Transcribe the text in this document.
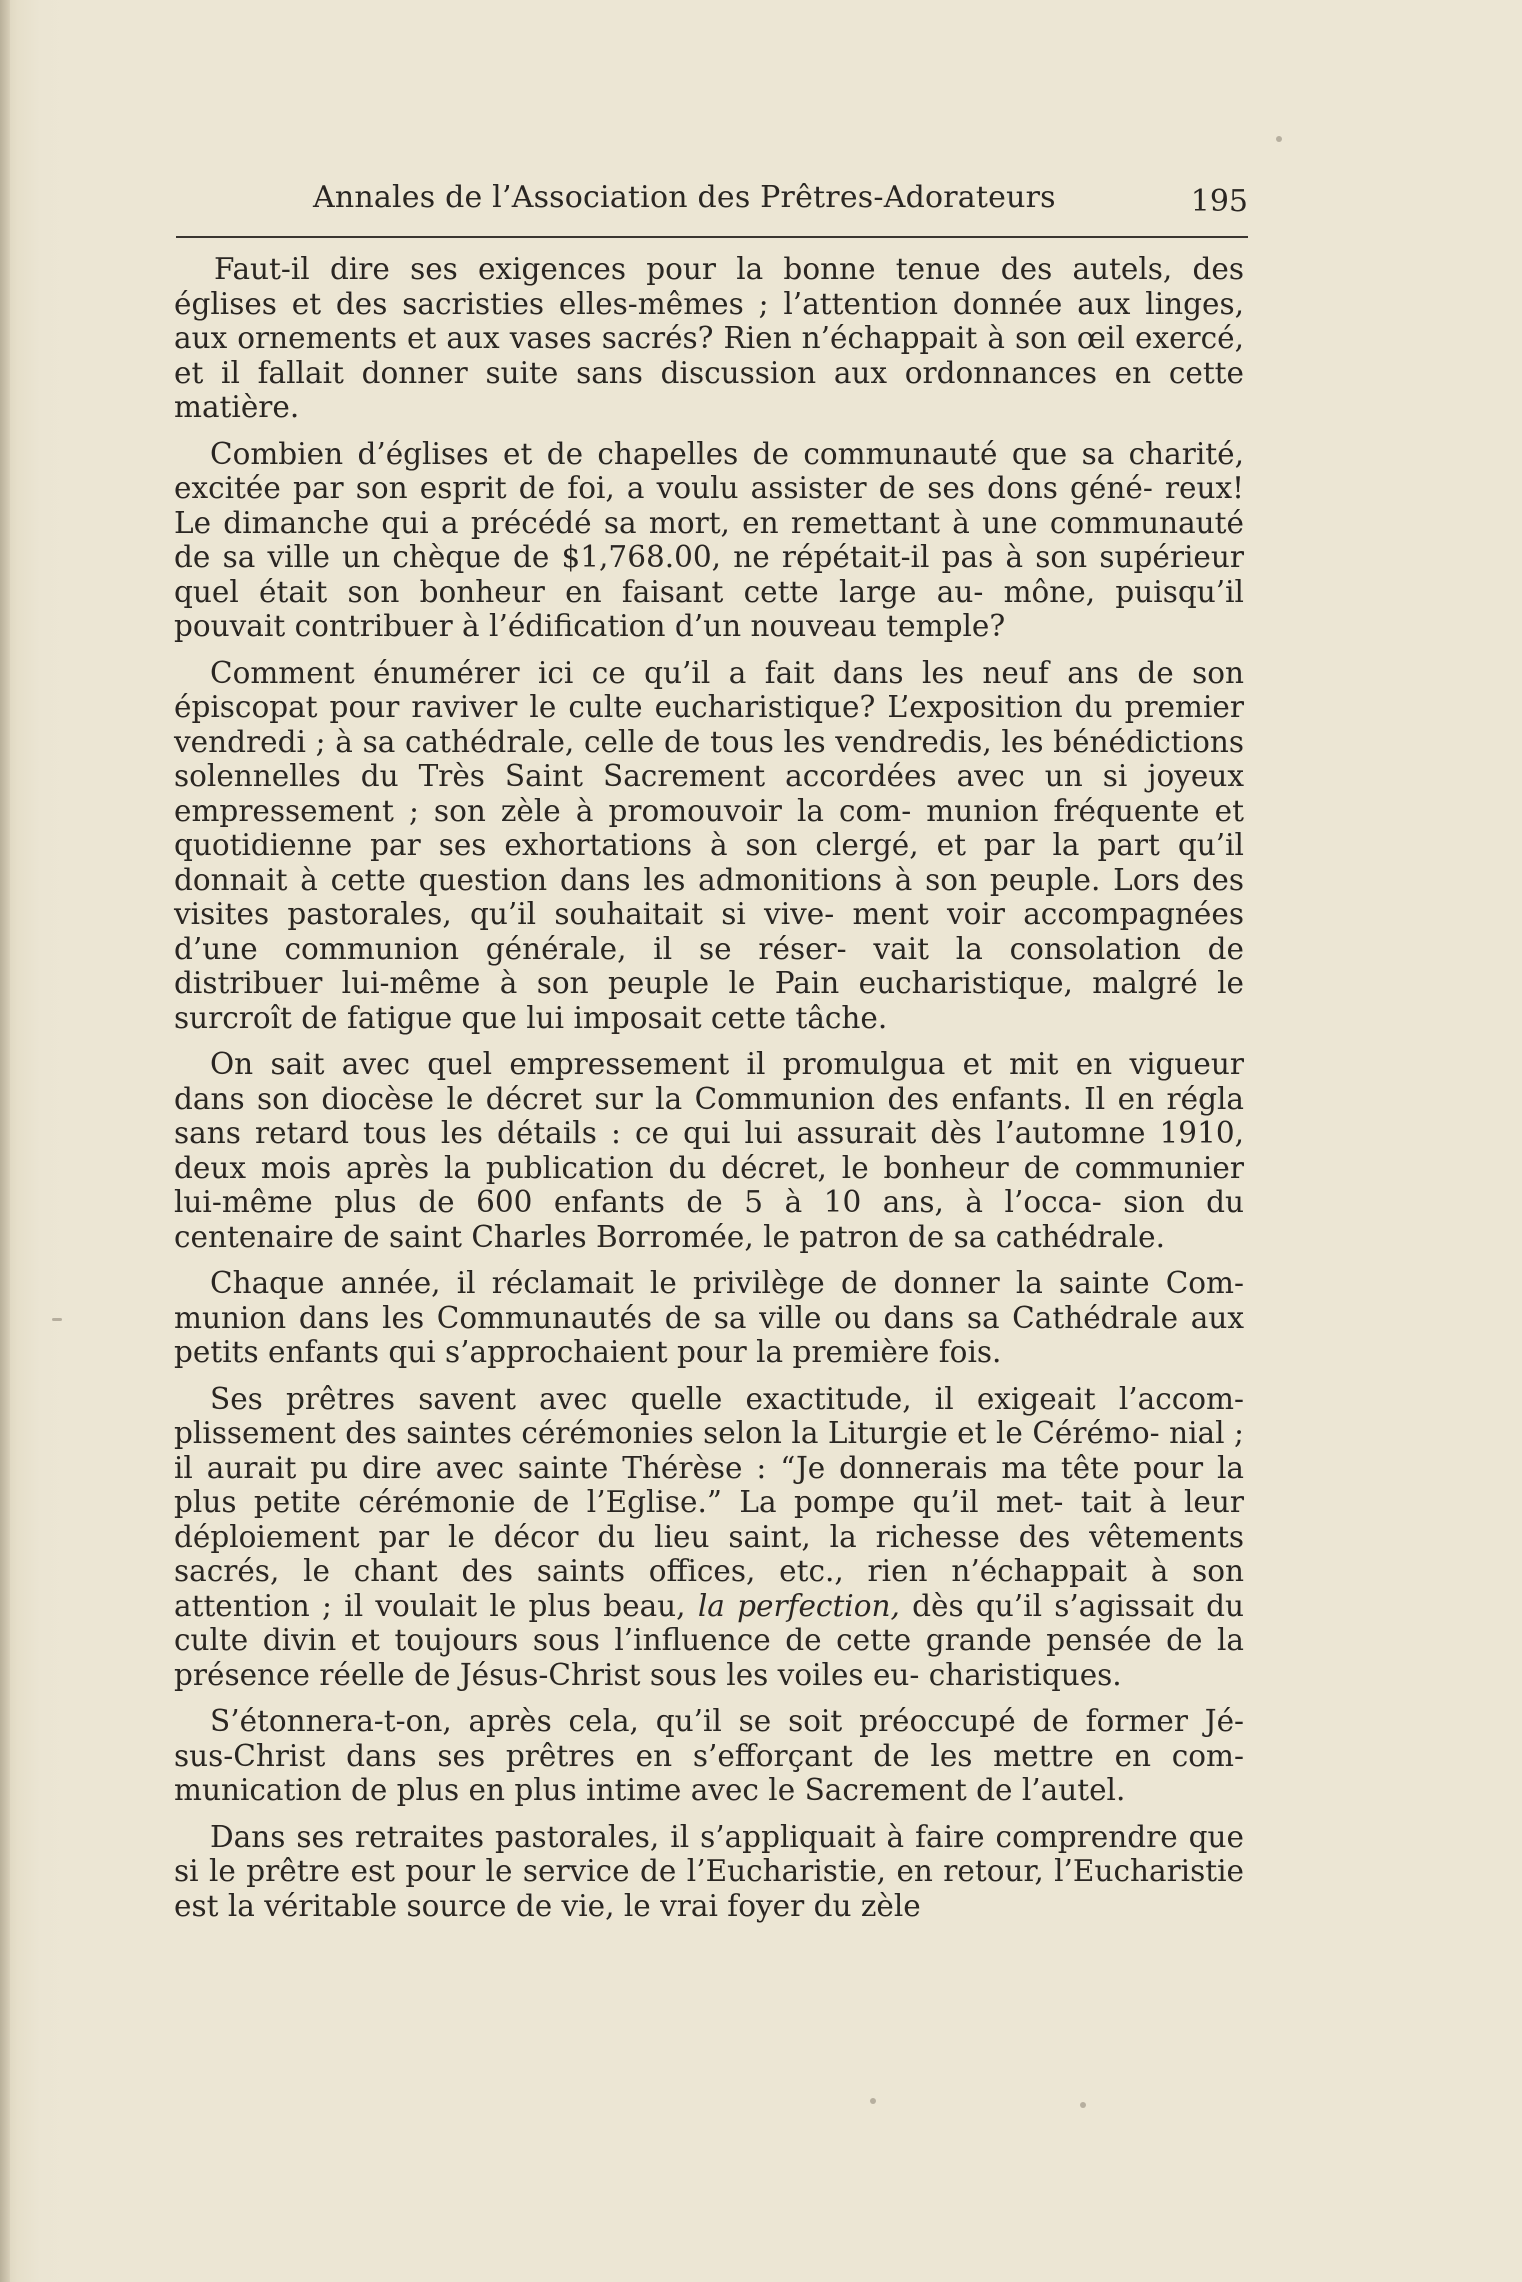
Annales de l’Association des Prêtres-Adorateurs	195

Faut-il dire ses exigences pour la bonne tenue des autels, des églises et des sacristies elles-mêmes ; l’attention donnée aux linges, aux ornements et aux vases sacrés? Rien n’échappait à son œil exercé, et il fallait donner suite sans discussion aux ordonnances en cette matière.

Combien d’églises et de chapelles de communauté que sa charité, excitée par son esprit de foi, a voulu assister de ses dons géné- reux! Le dimanche qui a précédé sa mort, en remettant à une communauté de sa ville un chèque de $1,768.00, ne répétait-il pas à son supérieur quel était son bonheur en faisant cette large au- mône, puisqu’il pouvait contribuer à l’édification d’un nouveau temple?

Comment énumérer ici ce qu’il a fait dans les neuf ans de son épiscopat pour raviver le culte eucharistique? L’exposition du premier vendredi ; à sa cathédrale, celle de tous les vendredis, les bénédictions solennelles du Très Saint Sacrement accordées avec un si joyeux empressement ; son zèle à promouvoir la com- munion fréquente et quotidienne par ses exhortations à son clergé, et par la part qu’il donnait à cette question dans les admonitions à son peuple. Lors des visites pastorales, qu’il souhaitait si vive- ment voir accompagnées d’une communion générale, il se réser- vait la consolation de distribuer lui-même à son peuple le Pain eucharistique, malgré le surcroît de fatigue que lui imposait cette tâche.

On sait avec quel empressement il promulgua et mit en vigueur dans son diocèse le décret sur la Communion des enfants. Il en régla sans retard tous les détails : ce qui lui assurait dès l’automne 1910, deux mois après la publication du décret, le bonheur de communier lui-même plus de 600 enfants de 5 à 10 ans, à l’occa- sion du centenaire de saint Charles Borromée, le patron de sa cathédrale.

Chaque année, il réclamait le privilège de donner la sainte Com- munion dans les Communautés de sa ville ou dans sa Cathédrale aux petits enfants qui s’approchaient pour la première fois.

Ses prêtres savent avec quelle exactitude, il exigeait l’accom- plissement des saintes cérémonies selon la Liturgie et le Cérémo- nial ; il aurait pu dire avec sainte Thérèse : “Je donnerais ma tête pour la plus petite cérémonie de l’Eglise.” La pompe qu’il met- tait à leur déploiement par le décor du lieu saint, la richesse des vêtements sacrés, le chant des saints offices, etc., rien n’échappait à son attention ; il voulait le plus beau, la perfection, dès qu’il s’agissait du culte divin et toujours sous l’influence de cette grande pensée de la présence réelle de Jésus-Christ sous les voiles eu- charistiques.

S’étonnera-t-on, après cela, qu’il se soit préoccupé de former Jé- sus-Christ dans ses prêtres en s’efforçant de les mettre en com- munication de plus en plus intime avec le Sacrement de l’autel.

Dans ses retraites pastorales, il s’appliquait à faire comprendre que si le prêtre est pour le service de l’Eucharistie, en retour, l’Eucharistie est la véritable source de vie, le vrai foyer du zèle
